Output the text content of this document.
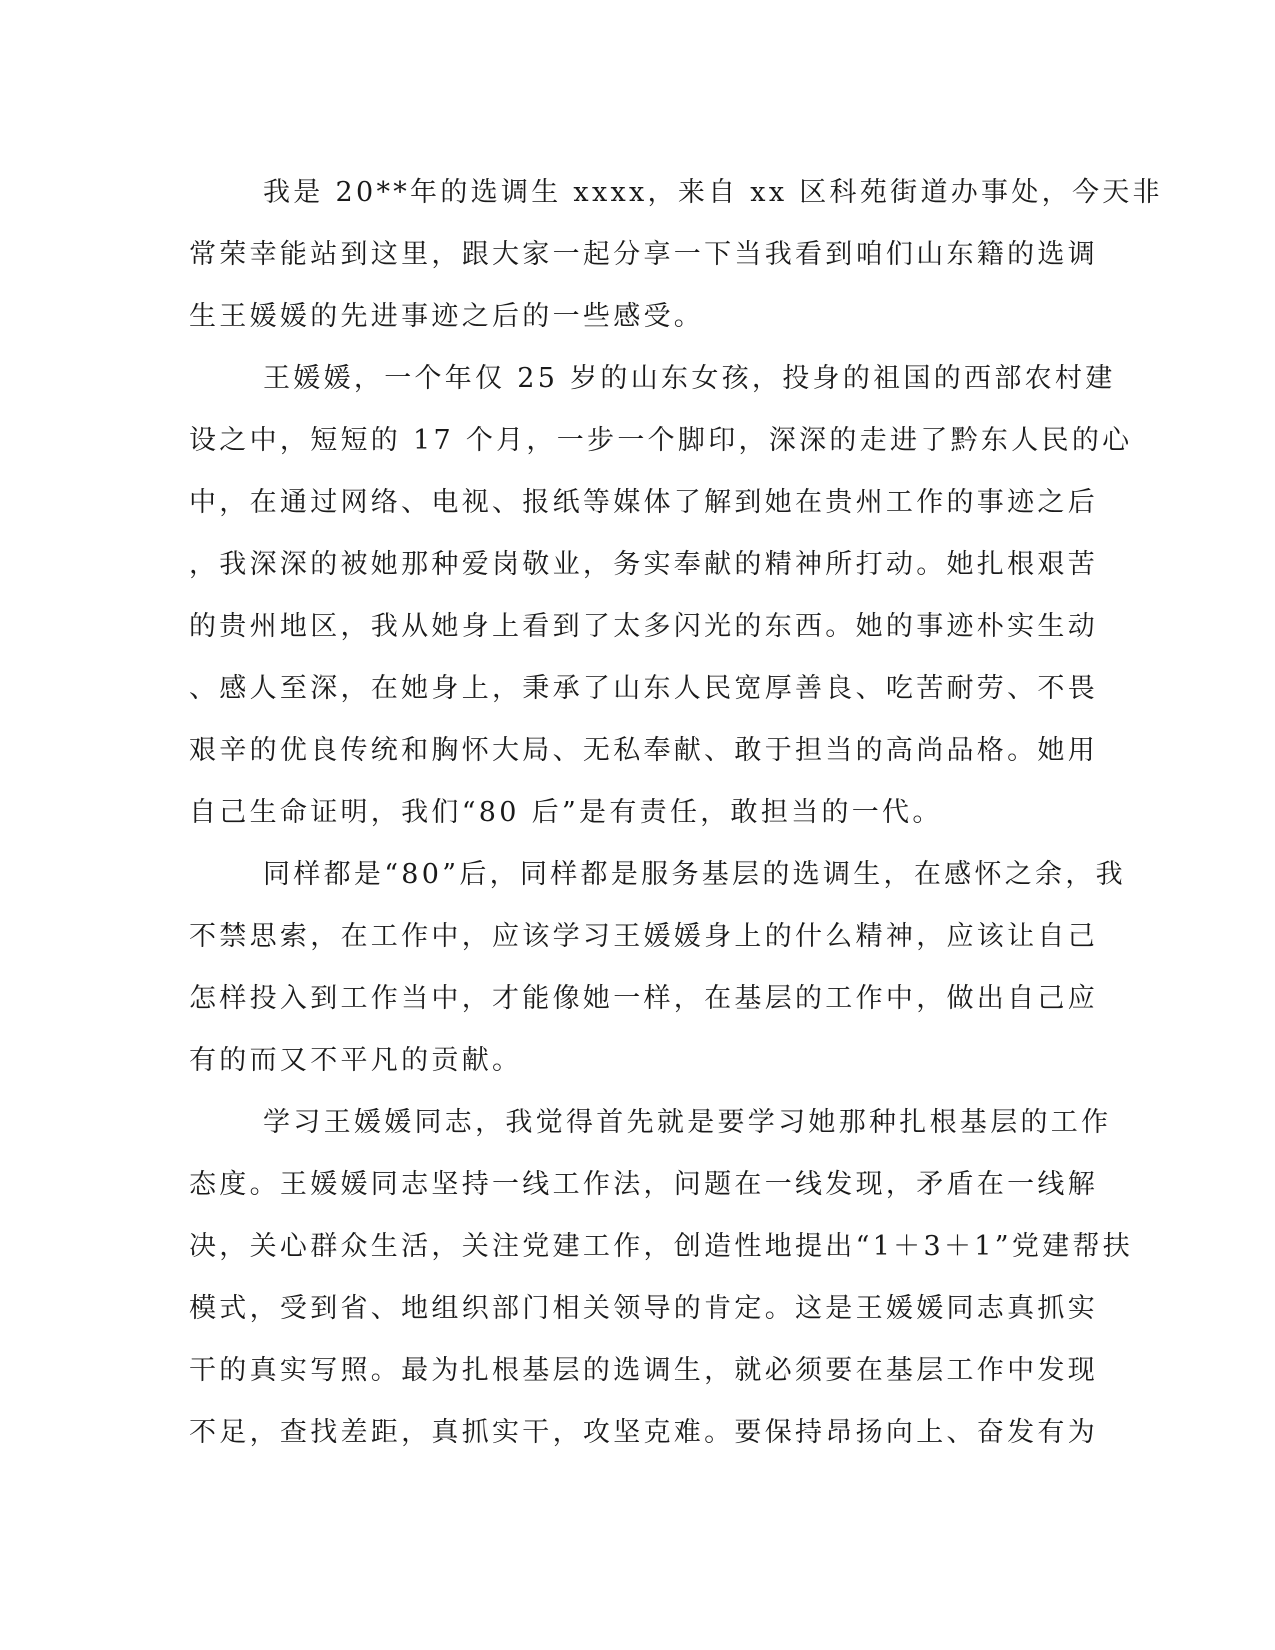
我是 20**年的选调生 xxxx，来自 xx 区科苑街道办事处，今天非
常荣幸能站到这里，跟大家一起分享一下当我看到咱们山东籍的选调
生王媛媛的先进事迹之后的一些感受。
王媛媛，一个年仅 25 岁的山东女孩，投身的祖国的西部农村建
设之中，短短的 17 个月，一步一个脚印，深深的走进了黔东人民的心
中，在通过网络、电视、报纸等媒体了解到她在贵州工作的事迹之后
，我深深的被她那种爱岗敬业，务实奉献的精神所打动。她扎根艰苦
的贵州地区，我从她身上看到了太多闪光的东西。她的事迹朴实生动
、感人至深，在她身上，秉承了山东人民宽厚善良、吃苦耐劳、不畏
艰辛的优良传统和胸怀大局、无私奉献、敢于担当的高尚品格。她用
自己生命证明，我们“80 后”是有责任，敢担当的一代。
同样都是“80”后，同样都是服务基层的选调生，在感怀之余，我
不禁思索，在工作中，应该学习王媛媛身上的什么精神，应该让自己
怎样投入到工作当中，才能像她一样，在基层的工作中，做出自己应
有的而又不平凡的贡献。
学习王媛媛同志，我觉得首先就是要学习她那种扎根基层的工作
态度。王媛媛同志坚持一线工作法，问题在一线发现，矛盾在一线解
决，关心群众生活，关注党建工作，创造性地提出“1＋3＋1”党建帮扶
模式，受到省、地组织部门相关领导的肯定。这是王媛媛同志真抓实
干的真实写照。最为扎根基层的选调生，就必须要在基层工作中发现
不足，查找差距，真抓实干，攻坚克难。要保持昂扬向上、奋发有为
